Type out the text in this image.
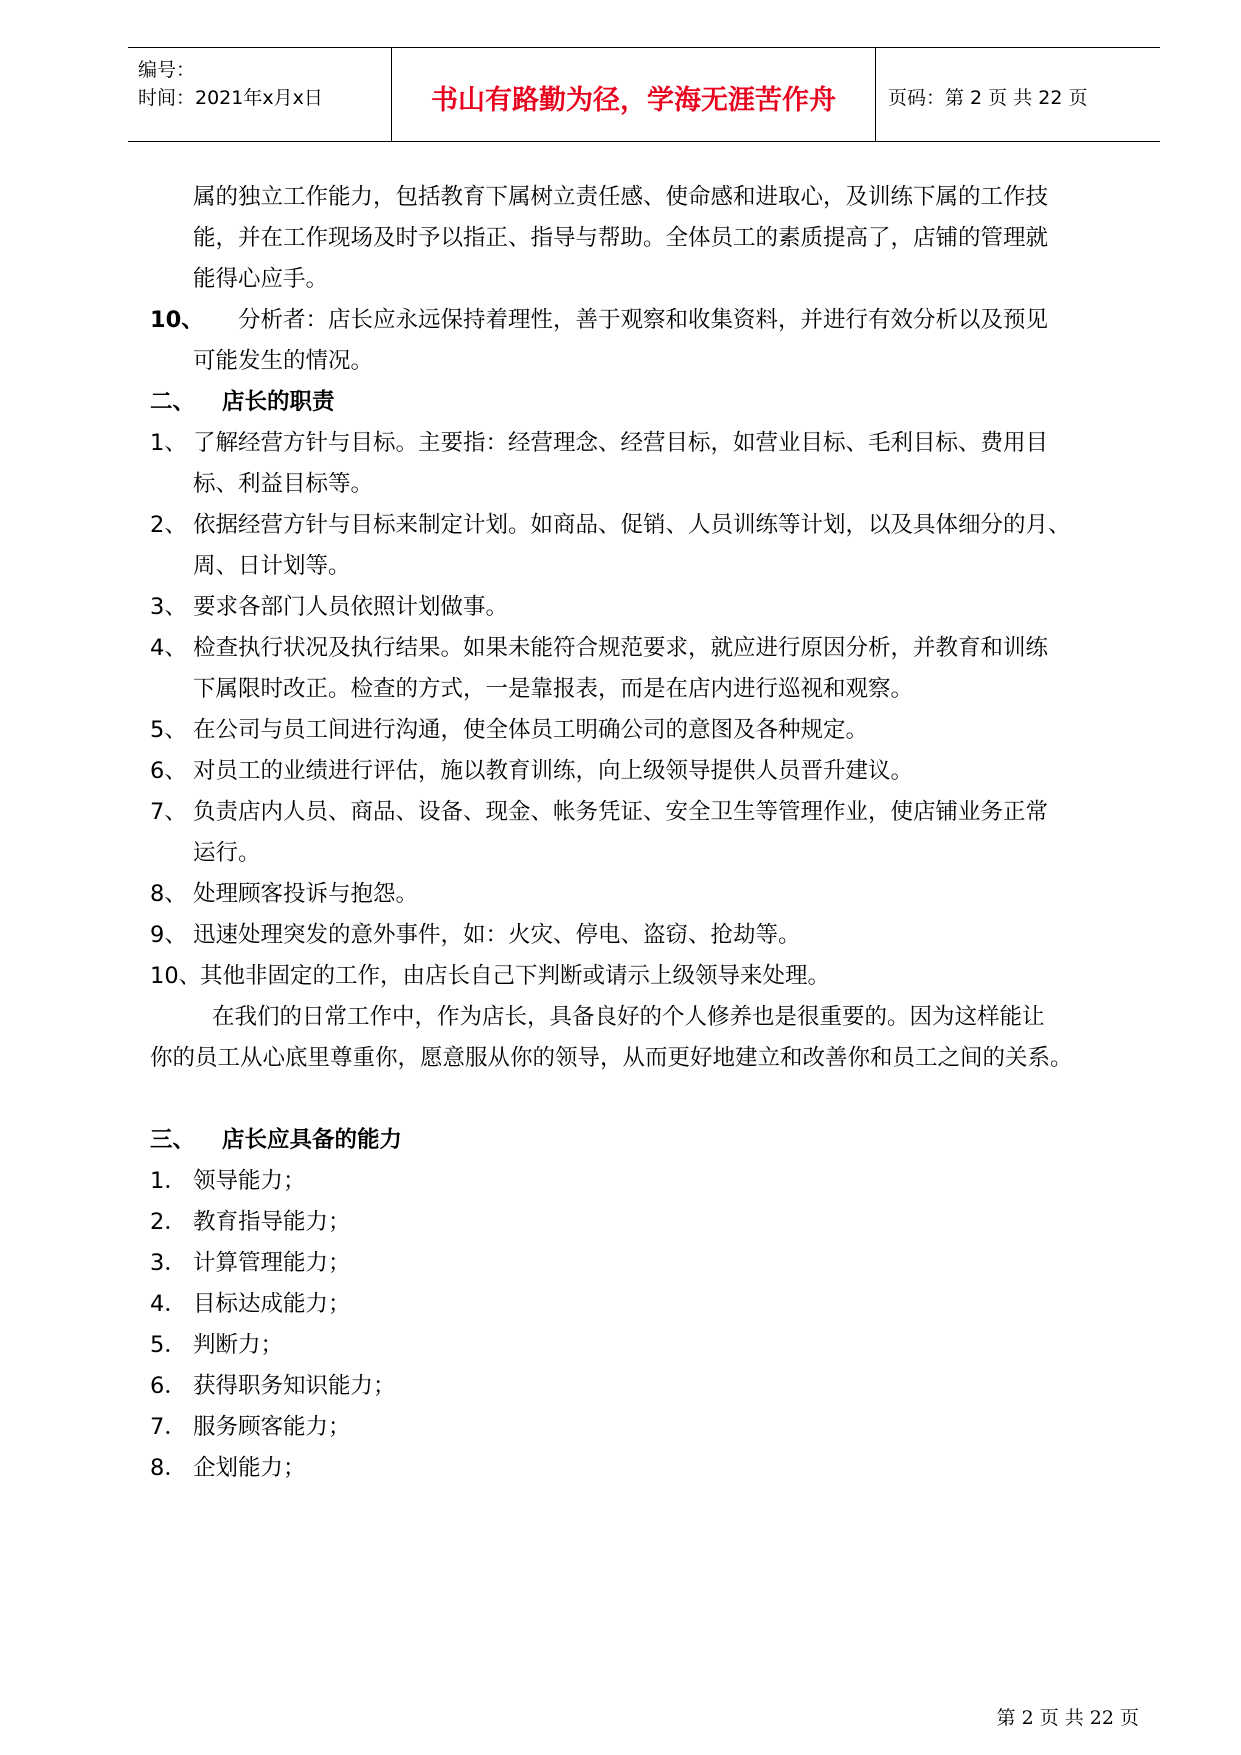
编号：
时间：2021年x月x日	书山有路勤为径，学海无涯苦作舟	页码：第 2 页 共 22 页
属的独立工作能力，包括教育下属树立责任感、使命感和进取心，及训练下属的工作技
能，并在工作现场及时予以指正、指导与帮助。全体员工的素质提高了，店铺的管理就
能得心应手。
10、 分析者：店长应永远保持着理性，善于观察和收集资料，并进行有效分析以及预见
可能发生的情况。
二、 店长的职责
1、 了解经营方针与目标。主要指：经营理念、经营目标，如营业目标、毛利目标、费用目
标、利益目标等。
2、 依据经营方针与目标来制定计划。如商品、促销、人员训练等计划，以及具体细分的月、
周、日计划等。
3、 要求各部门人员依照计划做事。
4、 检查执行状况及执行结果。如果未能符合规范要求，就应进行原因分析，并教育和训练
下属限时改正。检查的方式，一是靠报表，而是在店内进行巡视和观察。
5、 在公司与员工间进行沟通，使全体员工明确公司的意图及各种规定。
6、 对员工的业绩进行评估，施以教育训练，向上级领导提供人员晋升建议。
7、 负责店内人员、商品、设备、现金、帐务凭证、安全卫生等管理作业，使店铺业务正常
运行。
8、 处理顾客投诉与抱怨。
9、 迅速处理突发的意外事件，如：火灾、停电、盗窃、抢劫等。
10、
其他非固定的工作，由店长自己下判断或请示上级领导来处理。
在我们的日常工作中，作为店长，具备良好的个人修养也是很重要的。因为这样能让
你的员工从心底里尊重你，愿意服从你的领导，从而更好地建立和改善你和员工之间的关系。
三、 店长应具备的能力
1． 领导能力；
2． 教育指导能力；
3． 计算管理能力；
4． 目标达成能力；
5． 判断力；
6． 获得职务知识能力；
7． 服务顾客能力；
8． 企划能力；
第 2 页 共 22 页
